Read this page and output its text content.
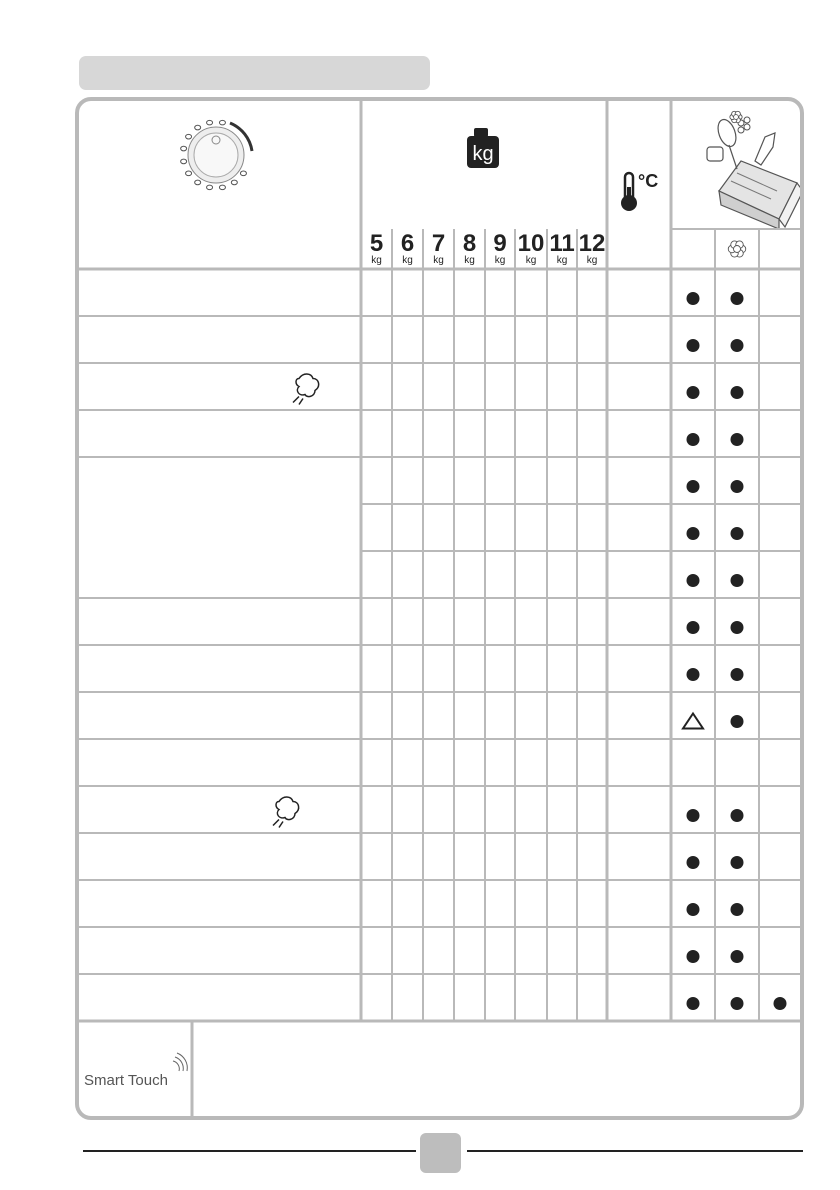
kg
°C
Smart Touch
5
kg
6
kg
7
kg
8
kg
9
kg
10
kg
11
kg
12
kg
